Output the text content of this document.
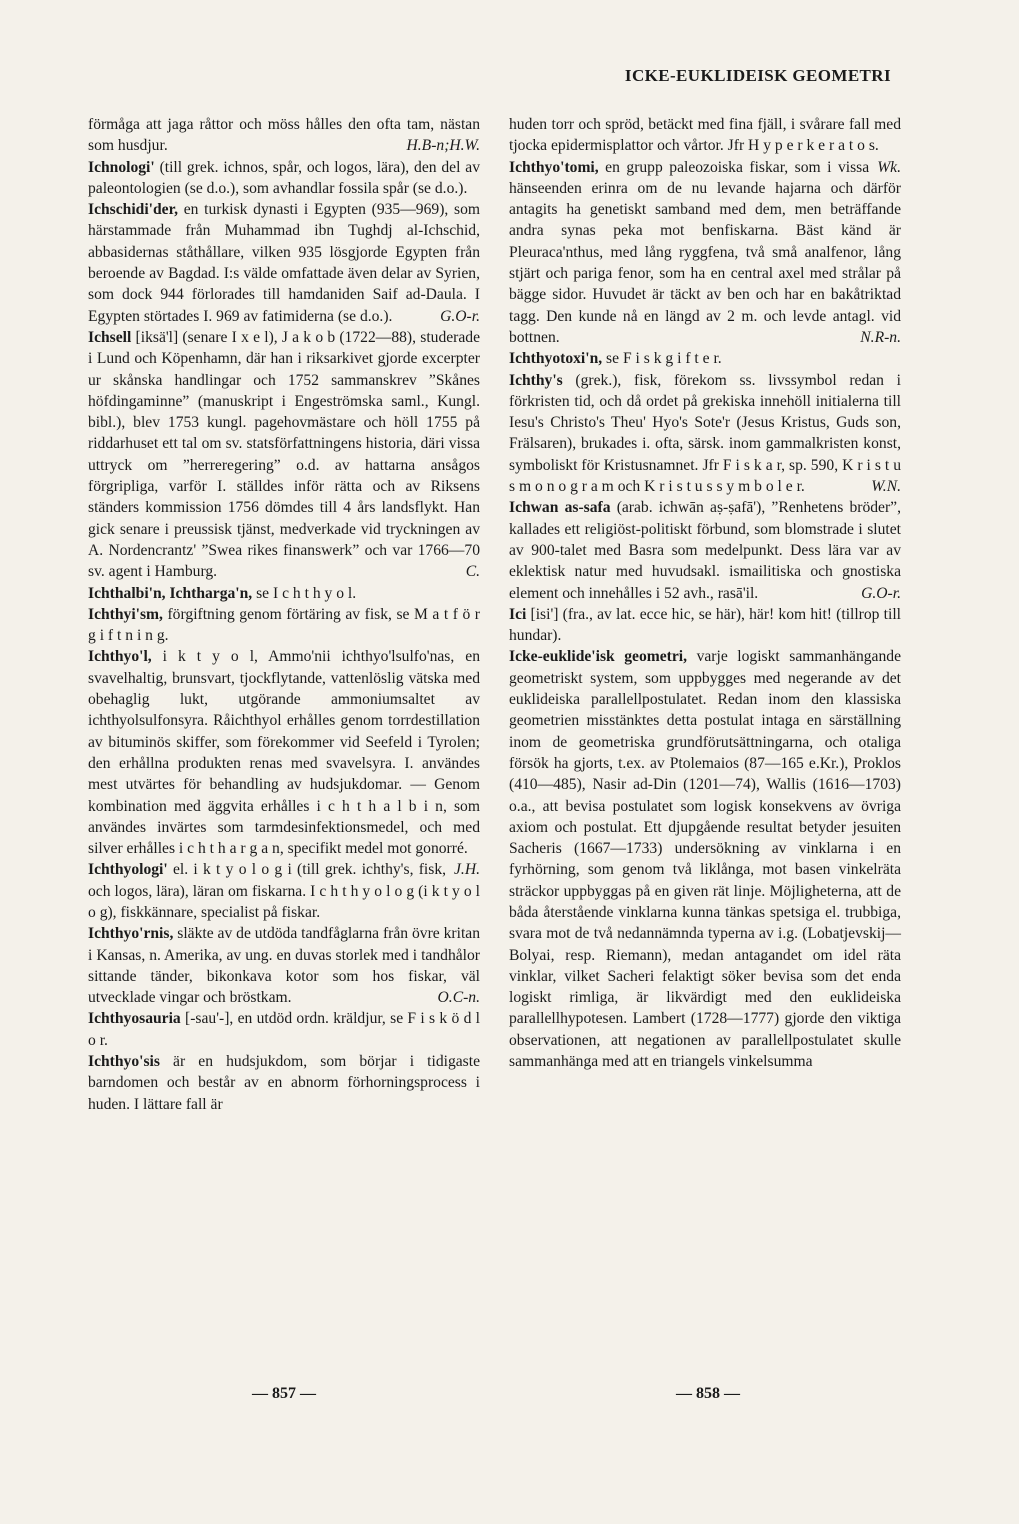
ICKE-EUKLIDEISK GEOMETRI

förmåga att jaga råttor och möss hålles den ofta tam, nästan som husdjur.	H.B-n;H.W.

Ichnologi' (till grek. ichnos, spår, och logos, lära), den del av paleontologien (se d.o.), som avhandlar fossila spår (se d.o.).

Ichschidi'der, en turkisk dynasti i Egypten (935—969), som härstammade från Muhammad ibn Tughdj al-Ichschid, abbasidernas ståthållare, vilken 935 lösgjorde Egypten från beroende av Bagdad. I:s välde omfattade även delar av Syrien, som dock 944 förlorades till hamdaniden Saif ad-Daula. I Egypten störtades I. 969 av fatimiderna (se d.o.).	G.O-r.

Ichsell [iksä'l] (senare I x e l), J a k o b (1722—88), studerade i Lund och Köpenhamn, där han i riksarkivet gjorde excerpter ur skånska handlingar och 1752 sammanskrev ”Skånes höfdingaminne” (manuskript i Engeströmska saml., Kungl. bibl.), blev 1753 kungl. pagehovmästare och höll 1755 på riddarhuset ett tal om sv. statsförfattningens historia, däri vissa uttryck om ”herreregering” o.d. av hattarna ansågos förgripliga, varför I. ställdes inför rätta och av Riksens ständers kommission 1756 dömdes till 4 års landsflykt. Han gick senare i preussisk tjänst, medverkade vid tryckningen av A. Nordencrantz' ”Swea rikes finanswerk” och var 1766—70 sv. agent i Hamburg.	C.

Ichthalbi'n, Ichtharga'n, se I c h t h y o l.

Ichthyi'sm, förgiftning genom förtäring av fisk, se M a t f ö r g i f t n i n g.

Ichthyo'l, i k t y o l, Ammo'nii ichthyo'lsulfo'nas, en svavelhaltig, brunsvart, tjockflytande, vattenlöslig vätska med obehaglig lukt, utgörande ammoniumsaltet av ichthyolsulfonsyra. Råichthyol erhålles genom torrdestillation av bituminös skiffer, som förekommer vid Seefeld i Tyrolen; den erhållna produkten renas med svavelsyra. I. användes mest utvärtes för behandling av hudsjukdomar. — Genom kombination med äggvita erhålles i c h t h a l b i n, som användes invärtes som tarmdesinfektionsmedel, och med silver erhålles i c h t h a r g a n, specifikt medel mot gonorré.
J.H.

Ichthyologi' el. i k t y o l o g i (till grek. ichthy's, fisk, och logos, lära), läran om fiskarna. I c h t h y o l o g (i k t y o l o g), fiskkännare, specialist på fiskar.

Ichthyo'rnis, släkte av de utdöda tandfåglarna från övre kritan i Kansas, n. Amerika, av ung. en duvas storlek med i tandhålor sittande tänder, bikonkava kotor som hos fiskar, väl utvecklade vingar och bröstkam.	O.C-n.

Ichthyosauria [-sau'-], en utdöd ordn. kräldjur, se F i s k ö d l o r.

Ichthyo'sis är en hudsjukdom, som börjar i tidigaste barndomen och består av en abnorm förhorningsprocess i huden. I lättare fall är

huden torr och spröd, betäckt med fina fjäll, i svårare fall med tjocka epidermisplattor och vårtor. Jfr H y p e r k e r a t o s.
Wk.

Ichthyo'tomi, en grupp paleozoiska fiskar, som i vissa hänseenden erinra om de nu levande hajarna och därför antagits ha genetiskt samband med dem, men beträffande andra synas peka mot benfiskarna. Bäst känd är Pleuraca'nthus, med lång ryggfena, två små analfenor, lång stjärt och pariga fenor, som ha en central axel med strålar på bägge sidor. Huvudet är täckt av ben och har en bakåtriktad tagg. Den kunde nå en längd av 2 m. och levde antagl. vid bottnen.	N.R-n.

Ichthyotoxi'n, se F i s k g i f t e r.

Ichthy's (grek.), fisk, förekom ss. livssymbol redan i förkristen tid, och då ordet på grekiska innehöll initialerna till Iesu's Christo's Theu' Hyo's Sote'r (Jesus Kristus, Guds son, Frälsaren), brukades i. ofta, särsk. inom gammalkristen konst, symboliskt för Kristusnamnet. Jfr F i s k a r, sp. 590, K r i s t u s m o n o g r a m och K r i s t u s s y m b o l e r.	W.N.

Ichwan as-safa (arab. ichwān aṣ-ṣafā'), ”Renhetens bröder”, kallades ett religiöst-politiskt förbund, som blomstrade i slutet av 900-talet med Basra som medelpunkt. Dess lära var av eklektisk natur med huvudsakl. ismailitiska och gnostiska element och innehålles i 52 avh., rasā'il.	G.O-r.

Ici [isi'] (fra., av lat. ecce hic, se här), här! kom hit! (tillrop till hundar).

Icke-euklide'isk geometri, varje logiskt sammanhängande geometriskt system, som uppbygges med negerande av det euklideiska parallellpostulatet. Redan inom den klassiska geometrien misstänktes detta postulat intaga en särställning inom de geometriska grundförutsättningarna, och otaliga försök ha gjorts, t.ex. av Ptolemaios (87—165 e.Kr.), Proklos (410—485), Nasir ad-Din (1201—74), Wallis (1616—1703) o.a., att bevisa postulatet som logisk konsekvens av övriga axiom och postulat. Ett djupgående resultat betyder jesuiten Sacheris (1667—1733) undersökning av vinklarna i en fyrhörning, som genom två liklånga, mot basen vinkelräta sträckor uppbyggas på en given rät linje. Möjligheterna, att de båda återstående vinklarna kunna tänkas spetsiga el. trubbiga, svara mot de två nedannämnda typerna av i.g. (Lobatjevskij—Bolyai, resp. Riemann), medan antagandet om idel räta vinklar, vilket Sacheri felaktigt söker bevisa som det enda logiskt rimliga, är likvärdigt med den euklideiska parallellhypotesen. Lambert (1728—1777) gjorde den viktiga observationen, att negationen av parallellpostulatet skulle sammanhänga med att en triangels vinkelsumma

— 857 —	— 858 —
